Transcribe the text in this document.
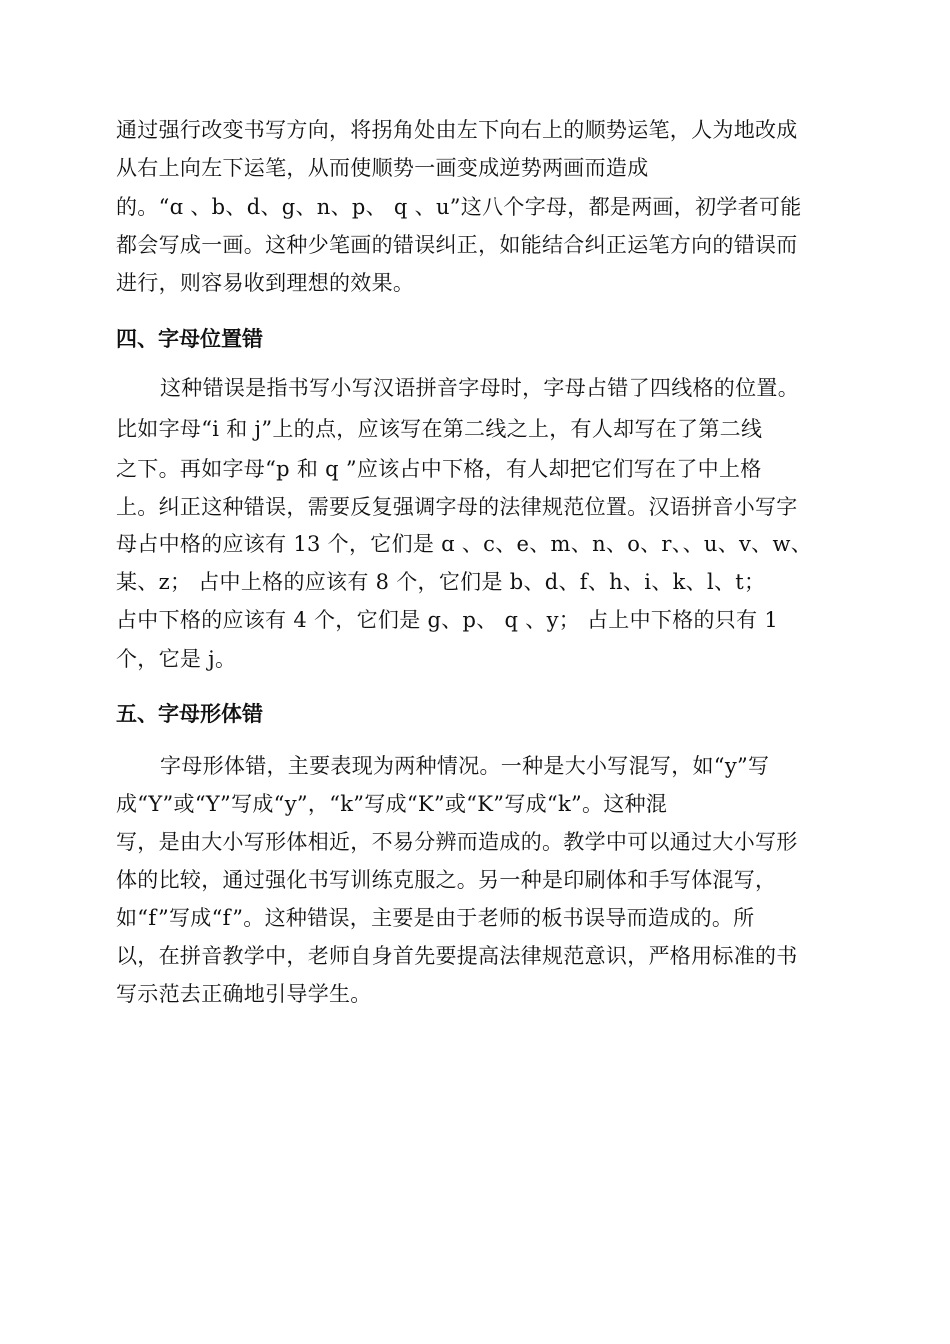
通过强行改变书写方向，将拐角处由左下向右上的顺势运笔，人为地改成
从右上向左下运笔，从而使顺势一画变成逆势两画而造成
的。“ɑ 、b、d、g、n、p、 q 、u”这八个字母，都是两画，初学者可能
都会写成一画。这种少笔画的错误纠正，如能结合纠正运笔方向的错误而
进行，则容易收到理想的效果。
四、字母位置错
这种错误是指书写小写汉语拼音字母时，字母占错了四线格的位置。
比如字母“i 和 j”上的点，应该写在第二线之上，有人却写在了第二线
之下。再如字母“p 和 q ”应该占中下格，有人却把它们写在了中上格
上。纠正这种错误，需要反复强调字母的法律规范位置。汉语拼音小写字
母占中格的应该有 13 个，它们是 ɑ 、c、e、m、n、o、r、、u、v、w、
某、z； 占中上格的应该有 8 个，它们是 b、d、f、h、i、k、l、t；
占中下格的应该有 4 个，它们是 g、p、 q 、y； 占上中下格的只有 1
个，它是 j。
五、字母形体错
字母形体错，主要表现为两种情况。一种是大小写混写，如“y”写
成“Y”或“Y”写成“y”，“k”写成“K”或“K”写成“k”。这种混
写，是由大小写形体相近，不易分辨而造成的。教学中可以通过大小写形
体的比较，通过强化书写训练克服之。另一种是印刷体和手写体混写，
如“f”写成“f”。这种错误，主要是由于老师的板书误导而造成的。所
以，在拼音教学中，老师自身首先要提高法律规范意识，严格用标准的书
写示范去正确地引导学生。
